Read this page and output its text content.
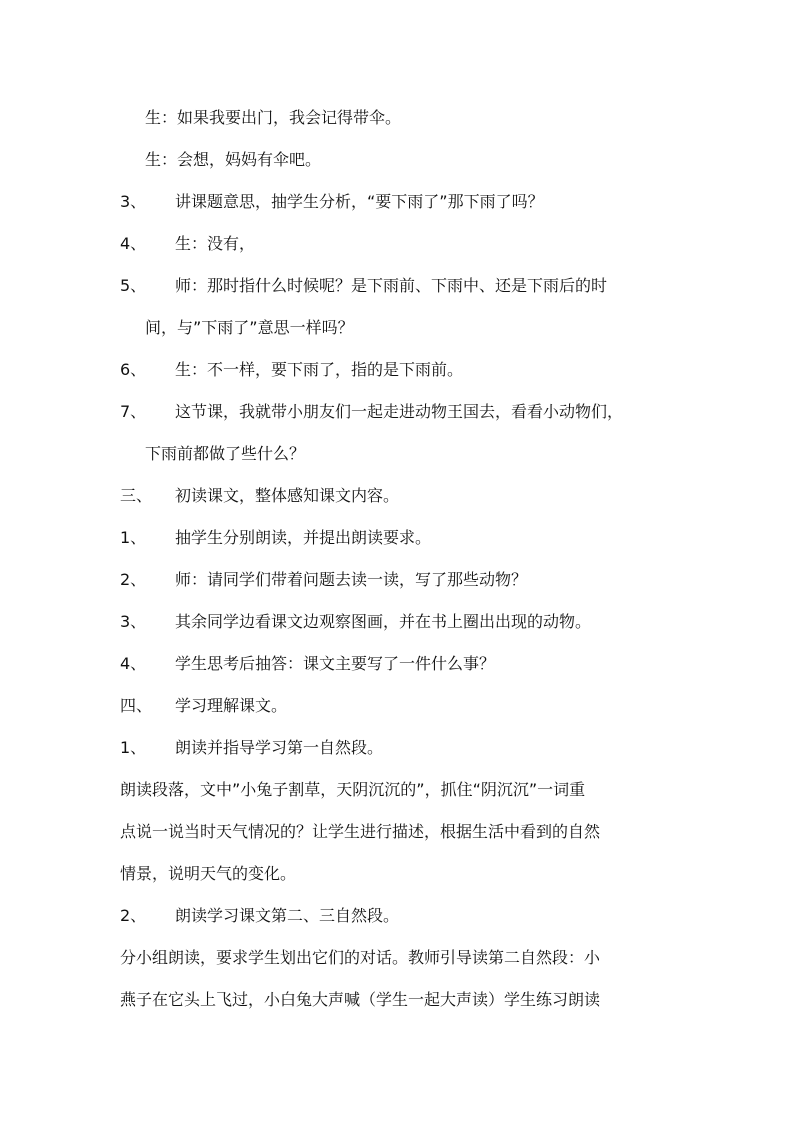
生：如果我要出门，我会记得带伞。
生：会想，妈妈有伞吧。
3、 讲课题意思，抽学生分析，“要下雨了”那下雨了吗？
4、 生：没有，
5、 师：那时指什么时候呢？是下雨前、下雨中、还是下雨后的时
间，与”下雨了”意思一样吗？
6、 生：不一样，要下雨了，指的是下雨前。
7、 这节课，我就带小朋友们一起走进动物王国去，看看小动物们，
下雨前都做了些什么？
三、 初读课文，整体感知课文内容。
1、 抽学生分别朗读，并提出朗读要求。
2、 师：请同学们带着问题去读一读，写了那些动物？
3、 其余同学边看课文边观察图画，并在书上圈出出现的动物。
4、 学生思考后抽答：课文主要写了一件什么事？
四、 学习理解课文。
1、 朗读并指导学习第一自然段。
朗读段落，文中”小兔子割草，天阴沉沉的”，抓住“阴沉沉”一词重
点说一说当时天气情况的？让学生进行描述，根据生活中看到的自然
情景，说明天气的变化。
2、 朗读学习课文第二、三自然段。
分小组朗读，要求学生划出它们的对话。教师引导读第二自然段：小
燕子在它头上飞过，小白兔大声喊（学生一起大声读）学生练习朗读
